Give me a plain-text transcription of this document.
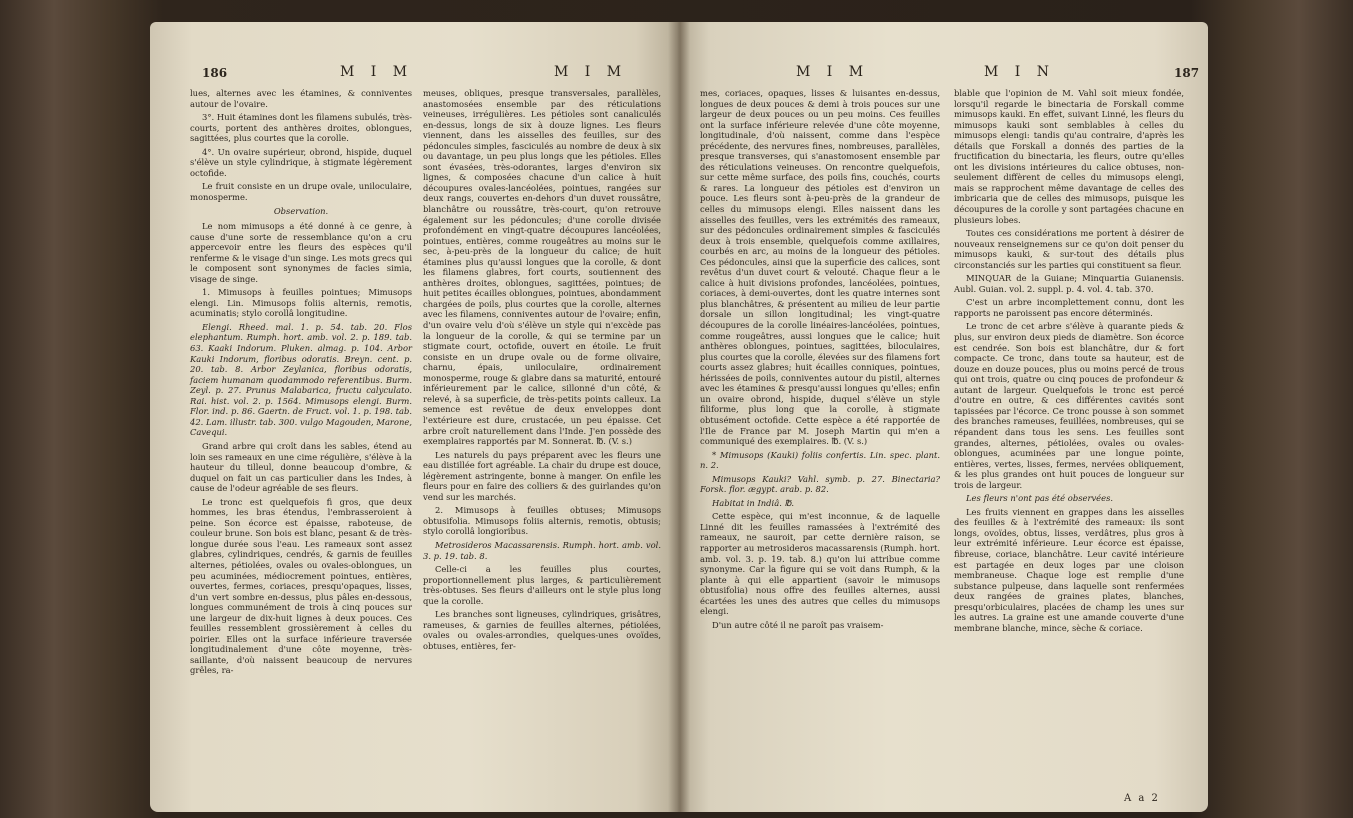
186	M I M	M I M

lues, alternes avec les étamines, & conniventes autour de l'ovaire.

3°. Huit étamines dont les filamens subulés, très-courts, portent des anthères droites, oblongues, sagittées, plus courtes que la corolle.

4°. Un ovaire supérieur, obrond, hispide, duquel s'élève un style cylindrique, à stigmate légèrement octofide.

Le fruit consiste en un drupe ovale, uniloculaire, monosperme.

Observation.

Le nom mimusops a été donné à ce genre, à cause d'une sorte de ressemblance qu'on a cru appercevoir entre les fleurs des espèces qu'il renferme & le visage d'un singe. Les mots grecs qui le composent sont synonymes de facies simia, visage de singe.

1. Mimusops à feuilles pointues; Mimusops elengi. Lin. Mimusops foliis alternis, remotis, acuminatis; stylo corollâ longitudine.

Elengi. Rheed. mal. 1. p. 54. tab. 20. Flos elephantum. Rumph. hort. amb. vol. 2. p. 189. tab. 63. Kaaki Indorum. Pluken. almag. p. 104. Arbor Kauki Indorum, floribus odoratis. Breyn. cent. p. 20. tab. 8. Arbor Zeylanica, floribus odoratis, faciem humanam quodammodo referentibus. Burm. Zeyl. p. 27. Prunus Malabarica, fructu calyculato. Rai. hist. vol. 2. p. 1564. Mimusops elengi. Burm. Flor. ind. p. 86. Gaertn. de Fruct. vol. 1. p. 198. tab. 42. Lam. illustr. tab. 300. vulgo Magouden, Marone, Cavequi.

Grand arbre qui croît dans les sables, étend au loin ses rameaux en une cime régulière, s'élève à la hauteur du tilleul, donne beaucoup d'ombre, & duquel on fait un cas particulier dans les Indes, à cause de l'odeur agréable de ses fleurs.

Le tronc est quelquefois fi gros, que deux hommes, les bras étendus, l'embrasseroient à peine. Son écorce est épaisse, raboteuse, de couleur brune. Son bois est blanc, pesant & de très-longue durée sous l'eau. Les rameaux sont assez glabres, cylindriques, cendrés, & garnis de feuilles alternes, pétiolées, ovales ou ovales-oblongues, un peu acuminées, médiocrement pointues, entières, ouvertes, fermes, coriaces, presqu'opaques, lisses, d'un vert sombre en-dessus, plus pâles en-dessous, longues communément de trois à cinq pouces sur une largeur de dix-huit lignes à deux pouces. Ces feuilles ressemblent grossièrement à celles du poirier. Elles ont la surface inférieure traversée longitudinalement d'une côte moyenne, très-saillante, d'où naissent beaucoup de nervures grêles, ra-

meuses, obliques, presque transversales, parallèles, anastomosées ensemble par des réticulations veineuses, irrégulières. Les pétioles sont canaliculés en-dessus, longs de six à douze lignes. Les fleurs viennent, dans les aisselles des feuilles, sur des pédoncules simples, fasciculés au nombre de deux à six ou davantage, un peu plus longs que les pétioles. Elles sont évasées, très-odorantes, larges d'environ six lignes, & composées chacune d'un calice à huit découpures ovales-lancéolées, pointues, rangées sur deux rangs, couvertes en-dehors d'un duvet roussâtre, blanchâtre ou roussâtre, très-court, qu'on retrouve également sur les pédoncules; d'une corolle divisée profondément en vingt-quatre découpures lancéolées, pointues, entières, comme rougeâtres au moins sur le sec, à-peu-près de la longueur du calice; de huit étamines plus qu'aussi longues que la corolle, & dont les filamens glabres, fort courts, soutiennent des anthères droites, oblongues, sagittées, pointues; de huit petites écailles oblongues, pointues, abondamment chargées de poils, plus courtes que la corolle, alternes avec les filamens, conniventes autour de l'ovaire; enfin, d'un ovaire velu d'où s'élève un style qui n'excède pas la longueur de la corolle, & qui se termine par un stigmate court, octofide, ouvert en étoile. Le fruit consiste en un drupe ovale ou de forme olivaire, charnu, épais, uniloculaire, ordinairement monosperme, rouge & glabre dans sa maturité, entouré inférieurement par le calice, sillonné d'un côté, & relevé, à sa superficie, de très-petits points calleux. La semence est revêtue de deux enveloppes dont l'extérieure est dure, crustacée, un peu épaisse. Cet arbre croît naturellement dans l'Inde. J'en possède des exemplaires rapportés par M. Sonnerat. ℔. (V. s.)

Les naturels du pays préparent avec les fleurs une eau distillée fort agréable. La chair du drupe est douce, légèrement astringente, bonne à manger. On enfile les fleurs pour en faire des colliers & des guirlandes qu'on vend sur les marchés.

2. Mimusops à feuilles obtuses; Mimusops obtusifolia. Mimusops foliis alternis, remotis, obtusis; stylo corollâ longioribus.

Metrosideros Macassarensis. Rumph. hort. amb. vol. 3. p. 19. tab. 8.

Celle-ci a les feuilles plus courtes, proportionnellement plus larges, & particulièrement très-obtuses. Ses fleurs d'ailleurs ont le style plus long que la corolle.

Les branches sont ligneuses, cylindriques, grisâtres, rameuses, & garnies de feuilles alternes, pétiolées, ovales ou ovales-arrondies, quelques-unes ovoïdes, obtuses, entières, fer-

M I M	M I N	187

mes, coriaces, opaques, lisses & luisantes en-dessus, longues de deux pouces & demi à trois pouces sur une largeur de deux pouces ou un peu moins. Ces feuilles ont la surface inférieure relevée d'une côte moyenne, longitudinale, d'où naissent, comme dans l'espèce précédente, des nervures fines, nombreuses, parallèles, presque transverses, qui s'anastomosent ensemble par des réticulations veineuses. On rencontre quelquefois, sur cette même surface, des poils fins, couchés, courts & rares. La longueur des pétioles est d'environ un pouce. Les fleurs sont à-peu-près de la grandeur de celles du mimusops elengi. Elles naissent dans les aisselles des feuilles, vers les extrémités des rameaux, sur des pédoncules ordinairement simples & fasciculés deux à trois ensemble, quelquefois comme axillaires, courbés en arc, au moins de la longueur des pétioles. Ces pédoncules, ainsi que la superficie des calices, sont revêtus d'un duvet court & velouté. Chaque fleur a le calice à huit divisions profondes, lancéolées, pointues, coriaces, à demi-ouvertes, dont les quatre internes sont plus blanchâtres, & présentent au milieu de leur partie dorsale un sillon longitudinal; les vingt-quatre découpures de la corolle linéaires-lancéolées, pointues, comme rougeâtres, aussi longues que le calice; huit anthères oblongues, pointues, sagittées, biloculaires, plus courtes que la corolle, élevées sur des filamens fort courts assez glabres; huit écailles conniques, pointues, hérissées de poils, conniventes autour du pistil, alternes avec les étamines & presqu'aussi longues qu'elles; enfin un ovaire obrond, hispide, duquel s'élève un style filiforme, plus long que la corolle, à stigmate obtusément octofide. Cette espèce a été rapportée de l'Ile de France par M. Joseph Martin qui m'en a communiqué des exemplaires. ℔. (V. s.)

* Mimusops (Kauki) foliis confertis. Lin. spec. plant. n. 2.

Mimusops Kauki? Vahl. symb. p. 27. Binectaria? Forsk. flor. ægypt. arab. p. 82.

Habitat in Indiâ. ℔.

Cette espèce, qui m'est inconnue, & de laquelle Linné dit les feuilles ramassées à l'extrémité des rameaux, ne sauroit, par cette dernière raison, se rapporter au metrosideros macassarensis (Rumph. hort. amb. vol. 3. p. 19. tab. 8.) qu'on lui attribue comme synonyme. Car la figure qui se voit dans Rumph, & la plante à qui elle appartient (savoir le mimusops obtusifolia) nous offre des feuilles alternes, aussi écartées les unes des autres que celles du mimusops elengi.

D'un autre côté il ne paroît pas vraisem-

blable que l'opinion de M. Vahl soit mieux fondée, lorsqu'il regarde le binectaria de Forskall comme mimusops kauki. En effet, suivant Linné, les fleurs du mimusops kauki sont semblables à celles du mimusops elengi: tandis qu'au contraire, d'après les détails que Forskall a donnés des parties de la fructification du binectaria, les fleurs, outre qu'elles ont les divisions intérieures du calice obtuses, non-seulement diffèrent de celles du mimusops elengi, mais se rapprochent même davantage de celles des imbricaria que de celles des mimusops, puisque les découpures de la corolle y sont partagées chacune en plusieurs lobes.

Toutes ces considérations me portent à désirer de nouveaux renseignemens sur ce qu'on doit penser du mimusops kauki, & sur-tout des détails plus circonstanciés sur les parties qui constituent sa fleur.

MINQUAR de la Guiane; Minquartia Guianensis. Aubl. Guian. vol. 2. suppl. p. 4. vol. 4. tab. 370.

C'est un arbre incomplettement connu, dont les rapports ne paroissent pas encore déterminés.

Le tronc de cet arbre s'élève à quarante pieds & plus, sur environ deux pieds de diamètre. Son écorce est cendrée. Son bois est blanchâtre, dur & fort compacte. Ce tronc, dans toute sa hauteur, est de douze en douze pouces, plus ou moins percé de trous qui ont trois, quatre ou cinq pouces de profondeur & autant de largeur. Quelquefois le tronc est percé d'outre en outre, & ces différentes cavités sont tapissées par l'écorce. Ce tronc pousse à son sommet des branches rameuses, feuillées, nombreuses, qui se répandent dans tous les sens. Les feuilles sont grandes, alternes, pétiolées, ovales ou ovales-oblongues, acuminées par une longue pointe, entières, vertes, lisses, fermes, nervées obliquement, & les plus grandes ont huit pouces de longueur sur trois de largeur.

Les fleurs n'ont pas été observées.

Les fruits viennent en grappes dans les aisselles des feuilles & à l'extrémité des rameaux: ils sont longs, ovoïdes, obtus, lisses, verdâtres, plus gros à leur extrémité inférieure. Leur écorce est épaisse, fibreuse, coriace, blanchâtre. Leur cavité intérieure est partagée en deux loges par une cloison membraneuse. Chaque loge est remplie d'une substance pulpeuse, dans laquelle sont renfermées deux rangées de graines plates, blanches, presqu'orbiculaires, placées de champ les unes sur les autres. La graine est une amande couverte d'une membrane blanche, mince, sèche & coriace.

A a 2
